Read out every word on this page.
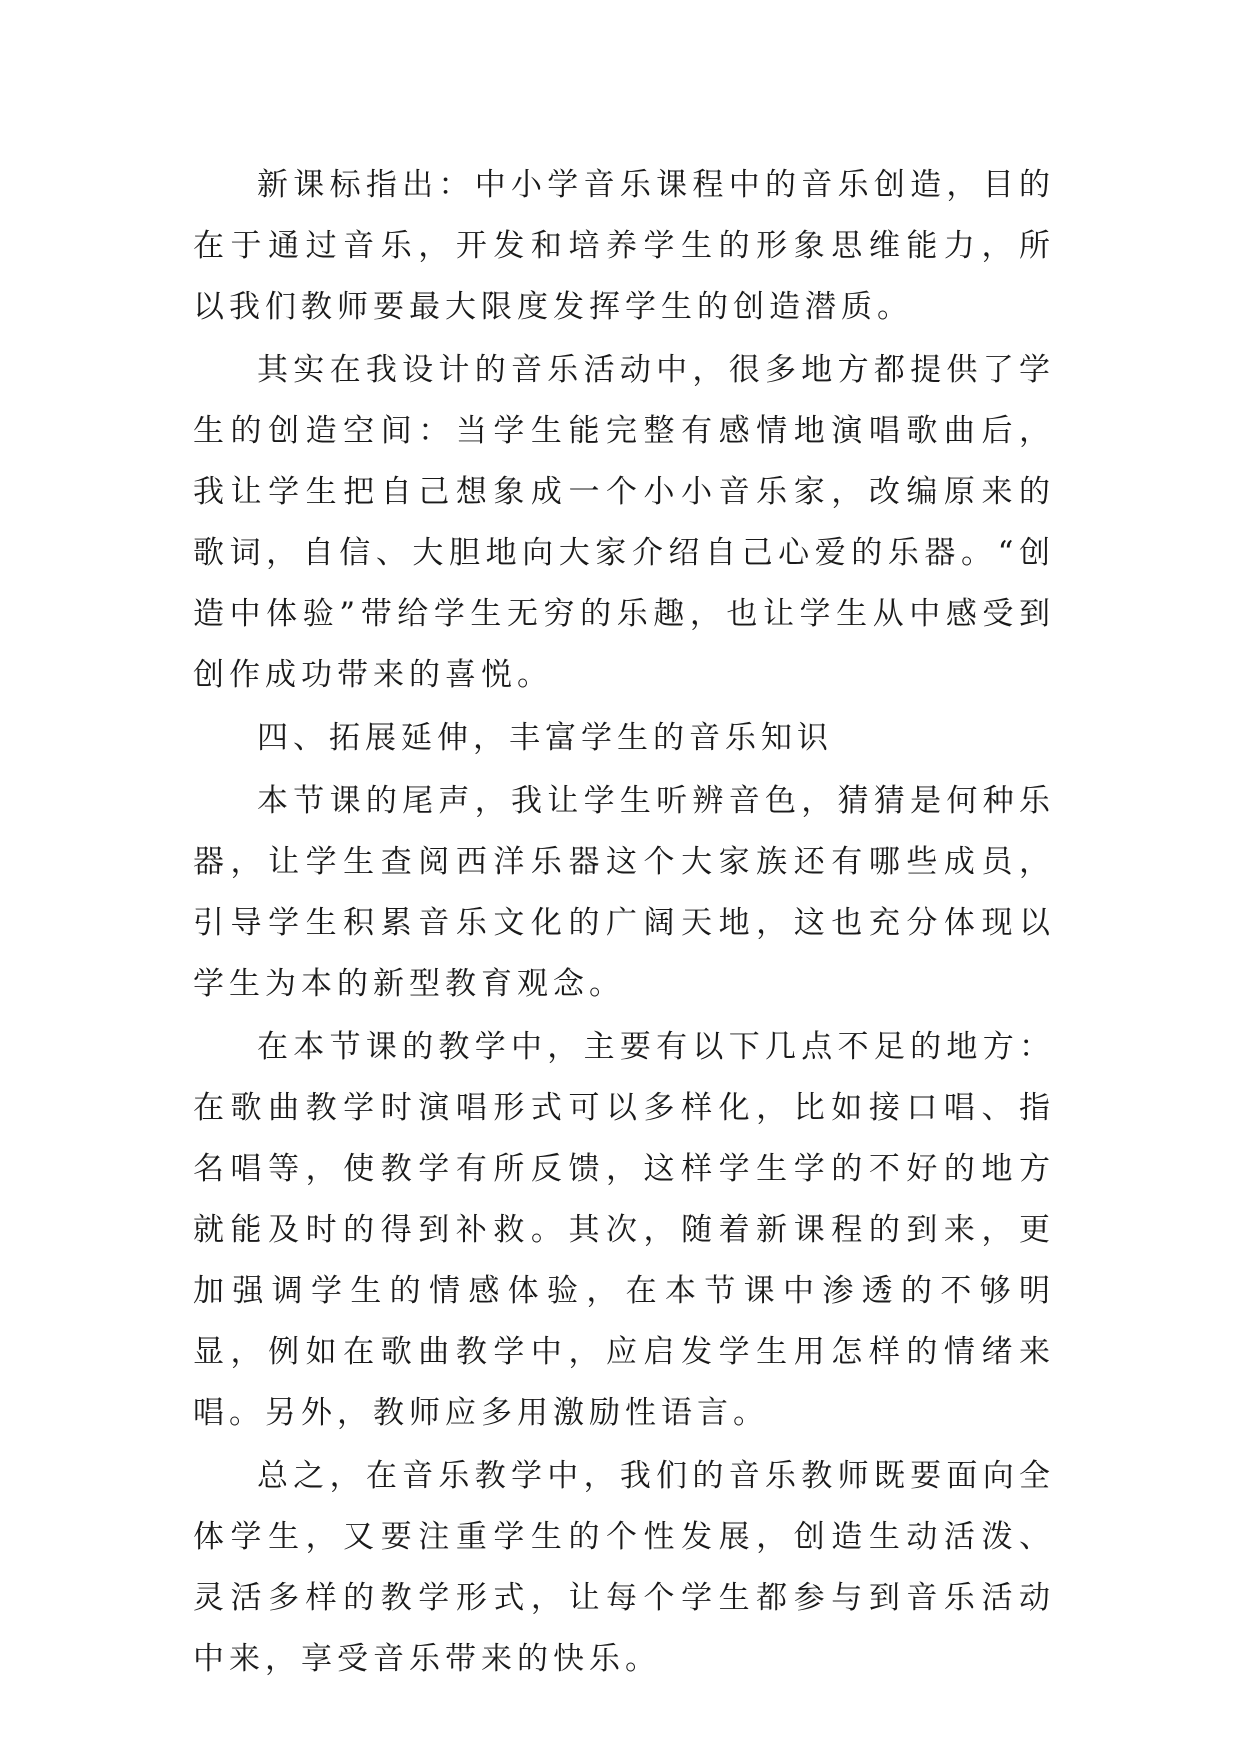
新课标指出：中小学音乐课程中的音乐创造，目的在于通过音乐，开发和培养学生的形象思维能力，所以我们教师要最大限度发挥学生的创造潜质。

其实在我设计的音乐活动中，很多地方都提供了学生的创造空间：当学生能完整有感情地演唱歌曲后，我让学生把自己想象成一个小小音乐家，改编原来的歌词，自信、大胆地向大家介绍自己心爱的乐器。“创造中体验”带给学生无穷的乐趣，也让学生从中感受到创作成功带来的喜悦。

四、拓展延伸，丰富学生的音乐知识

本节课的尾声，我让学生听辨音色，猜猜是何种乐器，让学生查阅西洋乐器这个大家族还有哪些成员，引导学生积累音乐文化的广阔天地，这也充分体现以学生为本的新型教育观念。

在本节课的教学中，主要有以下几点不足的地方：在歌曲教学时演唱形式可以多样化，比如接口唱、指名唱等，使教学有所反馈，这样学生学的不好的地方就能及时的得到补救。其次，随着新课程的到来，更加强调学生的情感体验，在本节课中渗透的不够明显，例如在歌曲教学中，应启发学生用怎样的情绪来唱。另外，教师应多用激励性语言。

总之，在音乐教学中，我们的音乐教师既要面向全体学生，又要注重学生的个性发展，创造生动活泼、灵活多样的教学形式，让每个学生都参与到音乐活动中来，享受音乐带来的快乐。
